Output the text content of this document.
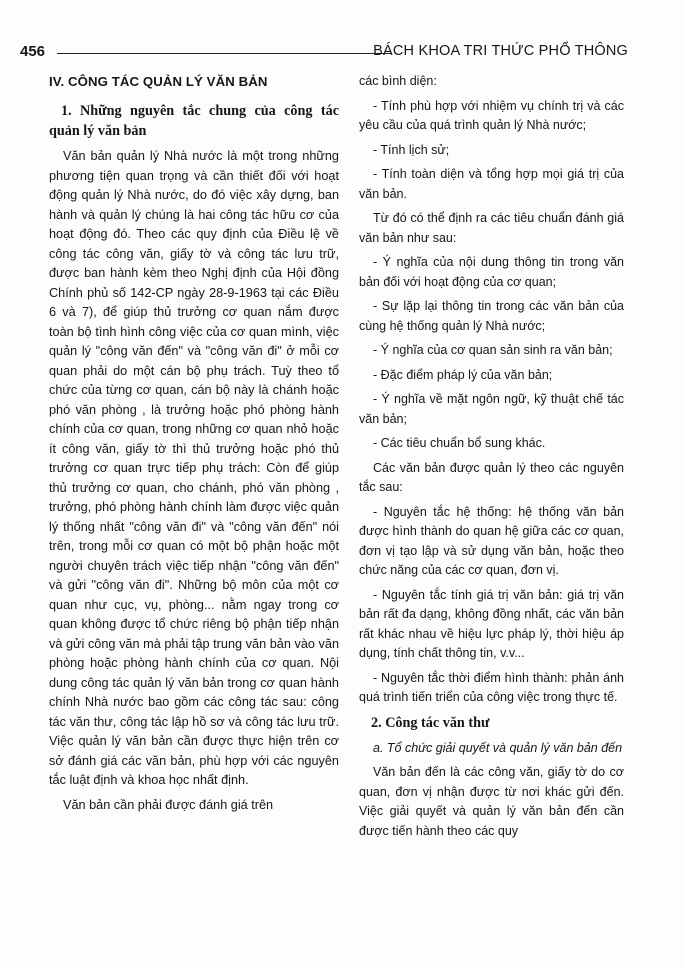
456	BÁCH KHOA TRI THỨC PHỔ THÔNG
IV. CÔNG TÁC QUẢN LÝ VĂN BẢN
1. Những nguyên tắc chung của công tác quản lý văn bản

Văn bản quản lý Nhà nước là một trong những phương tiện quan trọng và cần thiết đối với hoạt động quản lý Nhà nước, do đó việc xây dựng, ban hành và quản lý chúng là hai công tác hữu cơ của hoạt động đó. Theo các quy định của Điều lệ về công tác công văn, giấy tờ và công tác lưu trữ, được ban hành kèm theo Nghị định của Hội đồng Chính phủ số 142-CP ngày 28-9-1963 tại các Điều 6 và 7), để giúp thủ trưởng cơ quan nắm được toàn bộ tình hình công việc của cơ quan mình, việc quản lý "công văn đến" và "công văn đi" ở mỗi cơ quan phải do một cán bộ phụ trách. Tuỳ theo tổ chức của từng cơ quan, cán bộ này là chánh hoặc phó văn phòng , là trưởng hoặc phó phòng hành chính của cơ quan, trong những cơ quan nhỏ hoặc ít công văn, giấy tờ thì thủ trưởng hoặc phó thủ trưởng cơ quan trực tiếp phụ trách: Còn để giúp thủ trưởng cơ quan, cho chánh, phó văn phòng , trưởng, phó phòng hành chính làm được việc quản lý thống nhất "công văn đi" và "công văn đến" nói trên, trong mỗi cơ quan có một bộ phận hoặc một người chuyên trách việc tiếp nhận "công văn đến" và gửi "công văn đi". Những bộ môn của một cơ quan như cục, vụ, phòng... nằm ngay trong cơ quan không được tổ chức riêng bộ phận tiếp nhận và gửi công văn mà phải tập trung văn bản vào văn phòng hoặc phòng hành chính của cơ quan. Nội dung công tác quản lý văn bản trong cơ quan hành chính Nhà nước bao gồm các công tác sau: công tác văn thư, công tác lập hồ sơ và công tác lưu trữ. Việc quản lý văn bản cần được thực hiện trên cơ sở đánh giá các văn bản, phù hợp với các nguyên tắc luật định và khoa học nhất định.

Văn bản cần phải được đánh giá trên

các bình diện:

- Tính phù hợp với nhiệm vụ chính trị và các yêu cầu của quá trình quản lý Nhà nước;

- Tính lịch sử;

- Tính toàn diện và tổng hợp mọi giá trị của văn bản.

Từ đó có thể định ra các tiêu chuẩn đánh giá văn bản như sau:

- Ý nghĩa của nội dung thông tin trong văn bản đối với hoạt động của cơ quan;

- Sự lặp lại thông tin trong các văn bản của cùng hệ thống quản lý Nhà nước;

- Ý nghĩa của cơ quan sản sinh ra văn bản;

- Đặc điểm pháp lý của văn bản;

- Ý nghĩa về mặt ngôn ngữ, kỹ thuật chế tác văn bản;

- Các tiêu chuẩn bổ sung khác.

Các văn bản được quản lý theo các nguyên tắc sau:

- Nguyên tắc hệ thống: hệ thống văn bản được hình thành do quan hệ giữa các cơ quan, đơn vị tạo lập và sử dụng văn bản, hoặc theo chức năng của các cơ quan, đơn vị.

- Nguyên tắc tính giá trị văn bản: giá trị văn bản rất đa dạng, không đồng nhất, các văn bản rất khác nhau về hiệu lực pháp lý, thời hiệu áp dụng, tính chất thông tin, v.v...

- Nguyên tắc thời điểm hình thành: phản ánh quá trình tiến triển của công việc trong thực tế.

2. Công tác văn thư

a. Tổ chức giải quyết và quản lý văn bản đến

Văn bản đến là các công văn, giấy tờ do cơ quan, đơn vị nhận được từ nơi khác gửi đến. Việc giải quyết và quản lý văn bản đến cần được tiến hành theo các quy
